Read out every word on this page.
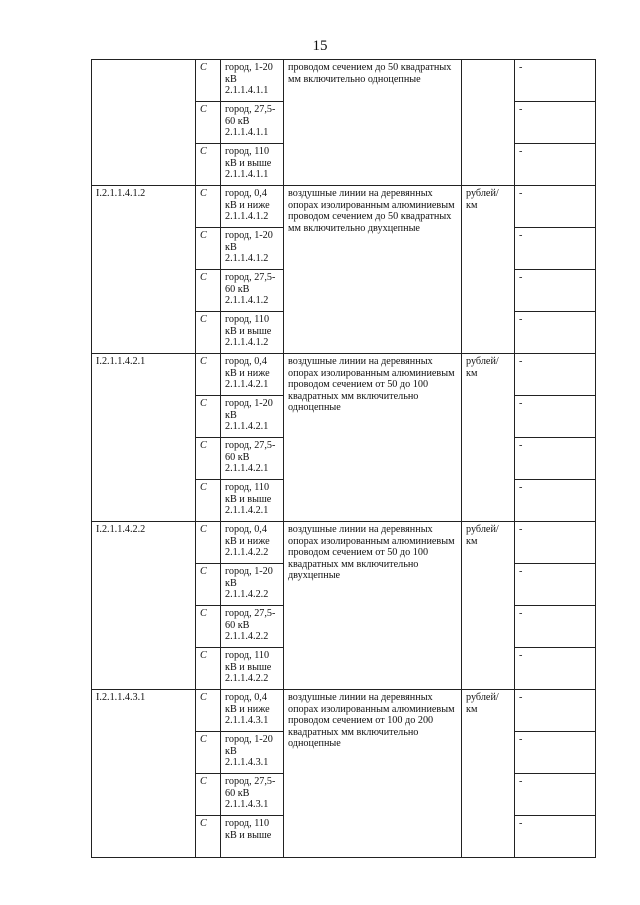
15
	С	город, 1-20 кВ 2.1.1.4.1.1	проводом сечением до 50 квадратных мм включительно одноцепные		-
	С	город, 27,5-60 кВ 2.1.1.4.1.1			-
	С	город, 110 кВ и выше 2.1.1.4.1.1			-
I.2.1.1.4.1.2	С	город, 0,4 кВ и ниже 2.1.1.4.1.2	воздушные линии на деревянных опорах изолированным алюминиевым проводом сечением до 50 квадратных мм включительно двухцепные	рублей/км	-
	С	город, 1-20 кВ 2.1.1.4.1.2			-
	С	город, 27,5-60 кВ 2.1.1.4.1.2			-
	С	город, 110 кВ и выше 2.1.1.4.1.2			-
I.2.1.1.4.2.1	С	город, 0,4 кВ и ниже 2.1.1.4.2.1	воздушные линии на деревянных опорах изолированным алюминиевым проводом сечением от 50 до 100 квадратных мм включительно одноцепные	рублей/км	-
	С	город, 1-20 кВ 2.1.1.4.2.1			-
	С	город, 27,5-60 кВ 2.1.1.4.2.1			-
	С	город, 110 кВ и выше 2.1.1.4.2.1			-
I.2.1.1.4.2.2	С	город, 0,4 кВ и ниже 2.1.1.4.2.2	воздушные линии на деревянных опорах изолированным алюминиевым проводом сечением от 50 до 100 квадратных мм включительно двухцепные	рублей/км	-
	С	город, 1-20 кВ 2.1.1.4.2.2			-
	С	город, 27,5-60 кВ 2.1.1.4.2.2			-
	С	город, 110 кВ и выше 2.1.1.4.2.2			-
I.2.1.1.4.3.1	С	город, 0,4 кВ и ниже 2.1.1.4.3.1	воздушные линии на деревянных опорах изолированным алюминиевым проводом сечением от 100 до 200 квадратных мм включительно одноцепные	рублей/км	-
	С	город, 1-20 кВ 2.1.1.4.3.1			-
	С	город, 27,5-60 кВ 2.1.1.4.3.1			-
	С	город, 110 кВ и выше			-
